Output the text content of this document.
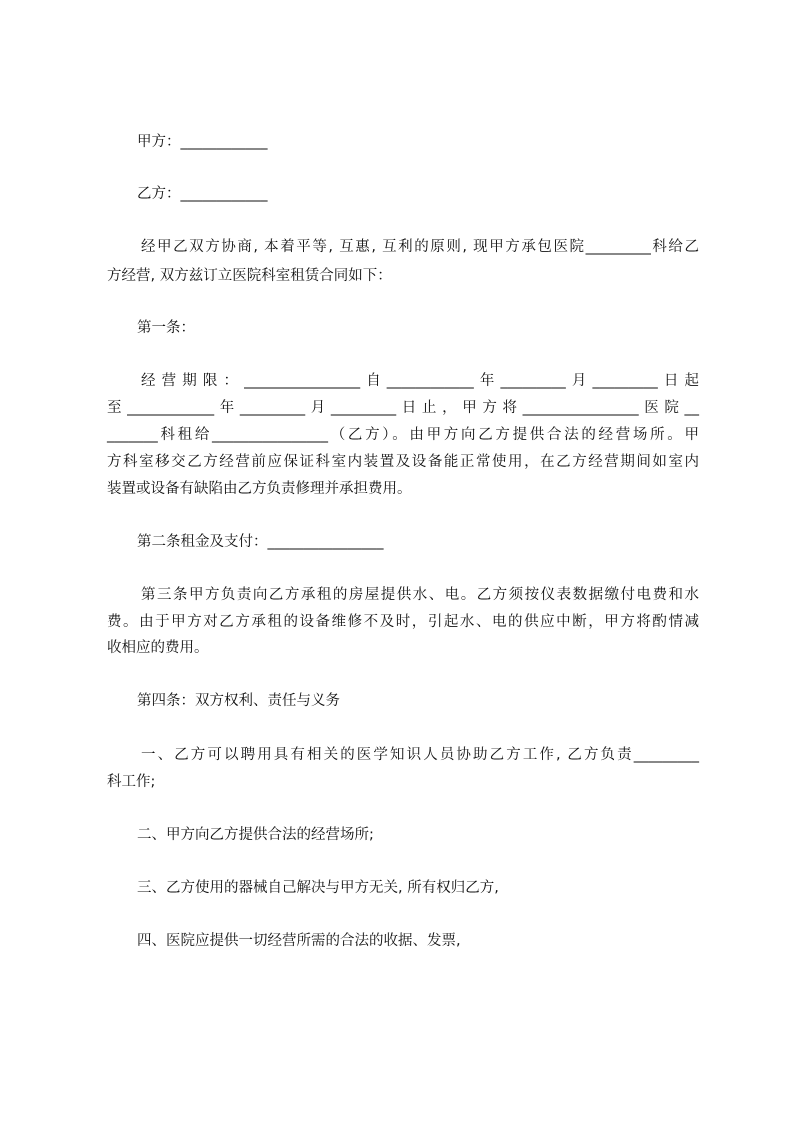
甲方：____________
乙方：____________
经甲乙双方协商, 本着平等, 互惠, 互利的原则, 现甲方承包医院_________科给乙
方经营, 双方兹订立医院科室租赁合同如下：
第一条：
经营期限：________________自____________年_________月_________日起
至____________年_________月_________日止，甲方将________________医院__
_______科租给________________（乙方）。由甲方向乙方提供合法的经营场所。甲
方科室移交乙方经营前应保证科室内装置及设备能正常使用，在乙方经营期间如室内
装置或设备有缺陷由乙方负责修理并承担费用。
第二条租金及支付：________________
第三条甲方负责向乙方承租的房屋提供水、电。乙方须按仪表数据缴付电费和水
费。由于甲方对乙方承租的设备维修不及时，引起水、电的供应中断，甲方将酌情减
收相应的费用。
第四条：双方权利、责任与义务
一、乙方可以聘用具有相关的医学知识人员协助乙方工作, 乙方负责_________
科工作;
二、甲方向乙方提供合法的经营场所;
三、乙方使用的器械自己解决与甲方无关, 所有权归乙方,
四、医院应提供一切经营所需的合法的收据、发票,
